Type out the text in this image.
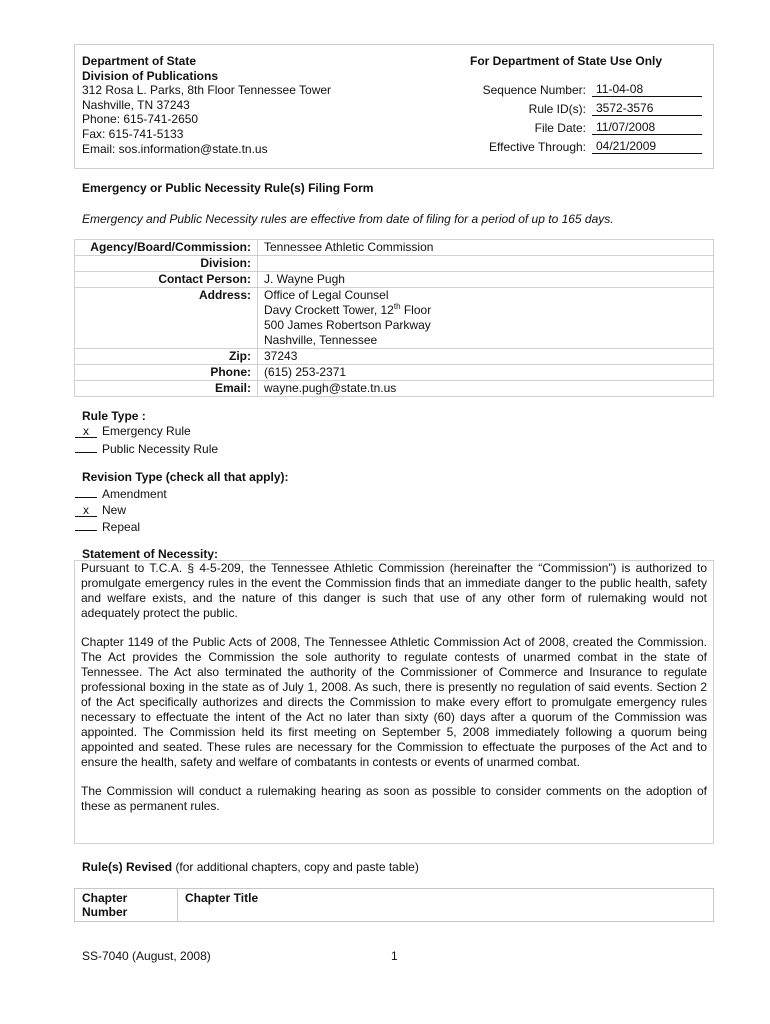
Department of State
Division of Publications
312 Rosa L. Parks, 8th Floor Tennessee Tower
Nashville, TN 37243
Phone: 615-741-2650
Fax: 615-741-5133
Email: sos.information@state.tn.us
For Department of State Use Only
Sequence Number: 11-04-08
Rule ID(s): 3572-3576
File Date: 11/07/2008
Effective Through: 04/21/2009
Emergency or Public Necessity Rule(s) Filing Form
Emergency and Public Necessity rules are effective from date of filing for a period of up to 165 days.
Agency/Board/Commission:	Tennessee Athletic Commission
Division:	
Contact Person:	J. Wayne Pugh
Address:	Office of Legal Counsel
Davy Crockett Tower, 12th Floor
500 James Robertson Parkway
Nashville, Tennessee

Zip:	37243
Phone:	(615) 253-2371
Email:	wayne.pugh@state.tn.us
Rule Type :
x Emergency Rule
Public Necessity Rule
Revision Type (check all that apply):
Amendment
x New
Repeal
Statement of Necessity:

Pursuant to T.C.A. § 4-5-209, the Tennessee Athletic Commission (hereinafter the “Commission”) is authorized to promulgate emergency rules in the event the Commission finds that an immediate danger to the public health, safety and welfare exists, and the nature of this danger is such that use of any other form of rulemaking would not adequately protect the public.

Chapter 1149 of the Public Acts of 2008, The Tennessee Athletic Commission Act of 2008, created the Commission. The Act provides the Commission the sole authority to regulate contests of unarmed combat in the state of Tennessee. The Act also terminated the authority of the Commissioner of Commerce and Insurance to regulate professional boxing in the state as of July 1, 2008. As such, there is presently no regulation of said events. Section 2 of the Act specifically authorizes and directs the Commission to make every effort to promulgate emergency rules necessary to effectuate the intent of the Act no later than sixty (60) days after a quorum of the Commission was appointed. The Commission held its first meeting on September 5, 2008 immediately following a quorum being appointed and seated. These rules are necessary for the Commission to effectuate the purposes of the Act and to ensure the health, safety and welfare of combatants in contests or events of unarmed combat.

The Commission will conduct a rulemaking hearing as soon as possible to consider comments on the adoption of these as permanent rules.

Rule(s) Revised (for additional chapters, copy and paste table)
Chapter Number	Chapter Title
SS-7040 (August, 2008)	1
